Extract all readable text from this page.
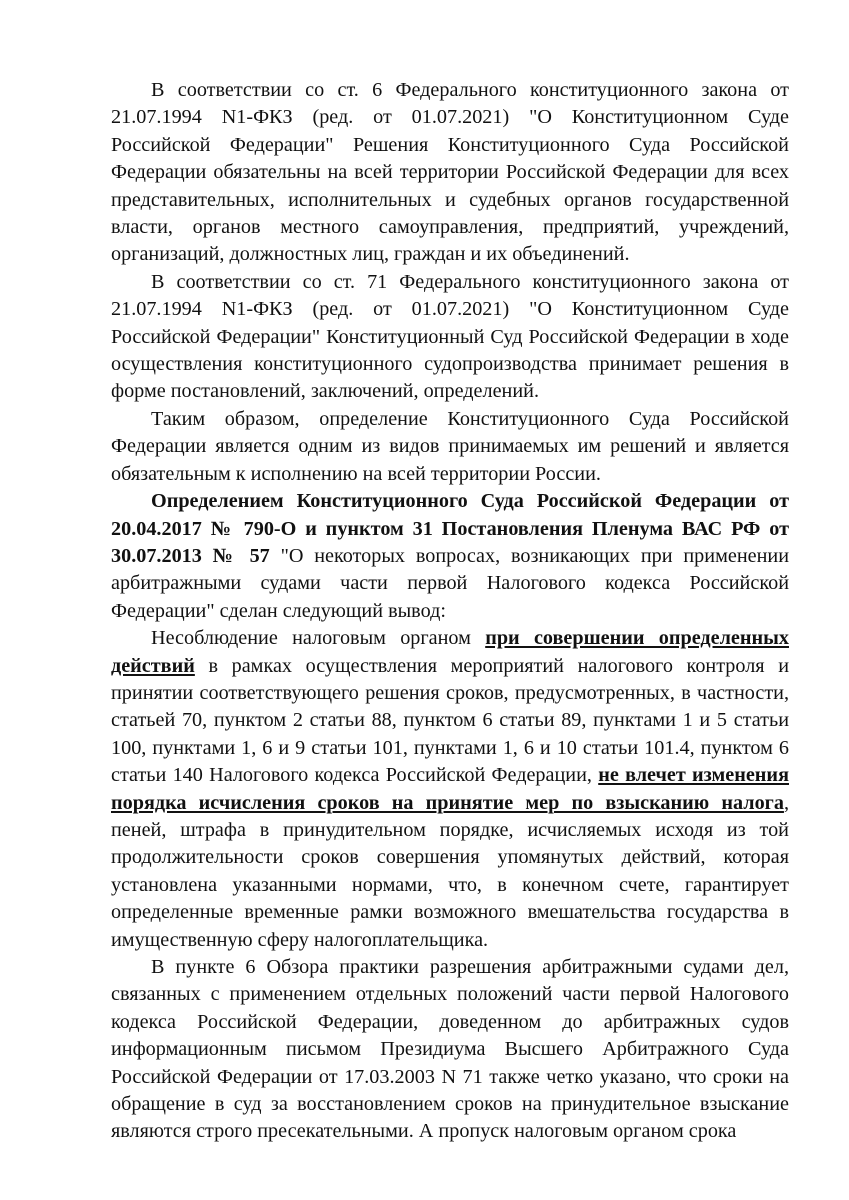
В соответствии со ст. 6 Федерального конституционного закона от 21.07.1994 N1-ФКЗ (ред. от 01.07.2021) "О Конституционном Суде Российской Федерации" Решения Конституционного Суда Российской Федерации обязательны на всей территории Российской Федерации для всех представительных, исполнительных и судебных органов государственной власти, органов местного самоуправления, предприятий, учреждений, организаций, должностных лиц, граждан и их объединений.

В соответствии со ст. 71 Федерального конституционного закона от 21.07.1994 N1-ФКЗ (ред. от 01.07.2021) "О Конституционном Суде Российской Федерации" Конституционный Суд Российской Федерации в ходе осуществления конституционного судопроизводства принимает решения в форме постановлений, заключений, определений.

Таким образом, определение Конституционного Суда Российской Федерации является одним из видов принимаемых им решений и является обязательным к исполнению на всей территории России.

Определением Конституционного Суда Российской Федерации от 20.04.2017 № 790-О и пунктом 31 Постановления Пленума ВАС РФ от 30.07.2013 № 57 "О некоторых вопросах, возникающих при применении арбитражными судами части первой Налогового кодекса Российской Федерации" сделан следующий вывод:

Несоблюдение налоговым органом при совершении определенных действий в рамках осуществления мероприятий налогового контроля и принятии соответствующего решения сроков, предусмотренных, в частности, статьей 70, пунктом 2 статьи 88, пунктом 6 статьи 89, пунктами 1 и 5 статьи 100, пунктами 1, 6 и 9 статьи 101, пунктами 1, 6 и 10 статьи 101.4, пунктом 6 статьи 140 Налогового кодекса Российской Федерации, не влечет изменения порядка исчисления сроков на принятие мер по взысканию налога, пеней, штрафа в принудительном порядке, исчисляемых исходя из той продолжительности сроков совершения упомянутых действий, которая установлена указанными нормами, что, в конечном счете, гарантирует определенные временные рамки возможного вмешательства государства в имущественную сферу налогоплательщика.

В пункте 6 Обзора практики разрешения арбитражными судами дел, связанных с применением отдельных положений части первой Налогового кодекса Российской Федерации, доведенном до арбитражных судов информационным письмом Президиума Высшего Арбитражного Суда Российской Федерации от 17.03.2003 N 71 также четко указано, что сроки на обращение в суд за восстановлением сроков на принудительное взыскание являются строго пресекательными. А пропуск налоговым органом срока
